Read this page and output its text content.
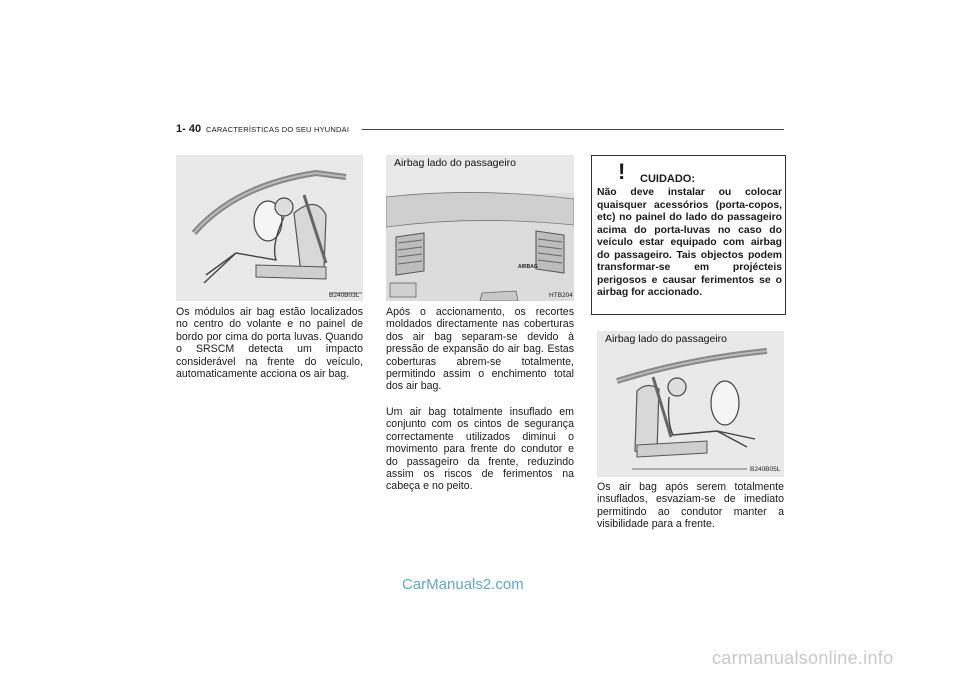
1- 40 CARACTERÍSTICAS DO SEU HYUNDAI
B240B03L
Airbag lado do passageiro
AIRBAG
HTB204
! CUIDADO:

Não deve instalar ou colocar quaisquer acessórios (porta-copos, etc) no painel do lado do passageiro acima do porta-luvas no caso do veículo estar equipado com airbag do passageiro. Tais objectos podem transformar-se em projécteis perigosos e causar ferimentos se o airbag for accionado.

Airbag lado do passageiro
B240B05L

Os módulos air bag estão localizados no centro do volante e no painel de bordo por cima do porta luvas. Quando o SRSCM detecta um impacto considerável na frente do veículo, automaticamente acciona os air bag.

Após o accionamento, os recortes moldados directamente nas coberturas dos air bag separam-se devido à pressão de expansão do air bag. Estas coberturas abrem-se totalmente, permitindo assim o enchimento total dos air bag.

Um air bag totalmente insuflado em conjunto com os cintos de segurança correctamente utilizados diminui o movimento para frente do condutor e do passageiro da frente, reduzindo assim os riscos de ferimentos na cabeça e no peito.	Os air bag após serem totalmente insuflados, esvaziam-se de imediato permitindo ao condutor manter a visibilidade para a frente.

CarManuals2.com
carmanualsonline.info
